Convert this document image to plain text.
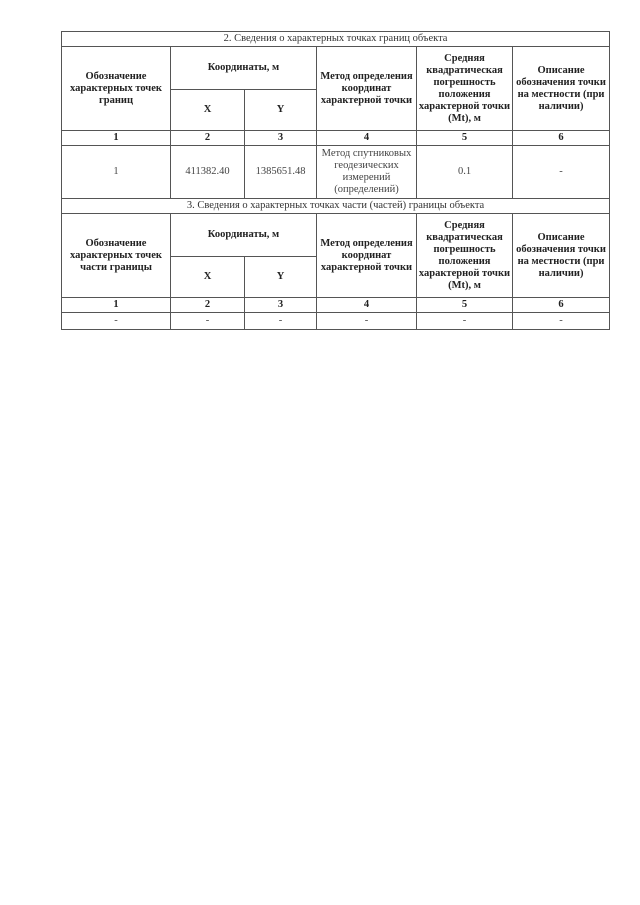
2. Сведения о характерных точках границ объекта					
Обозначение характерных точек границ	Координаты, м		Метод определения координат характерной точки	Средняя квадратическая погрешность положения характерной точки (Mt), м	Описание обозначения точки на местности (при наличии)
	X	Y			
1	2	3	4	5	6
1	411382.40	1385651.48	Метод спутниковых геодезических измерений (определений)	0.1	-
3. Сведения о характерных точках части (частей) границы объекта					
Обозначение характерных точек части границы	Координаты, м		Метод определения координат характерной точки	Средняя квадратическая погрешность положения характерной точки (Mt), м	Описание обозначения точки на местности (при наличии)
	X	Y			
1	2	3	4	5	6
-	-	-	-	-	-
